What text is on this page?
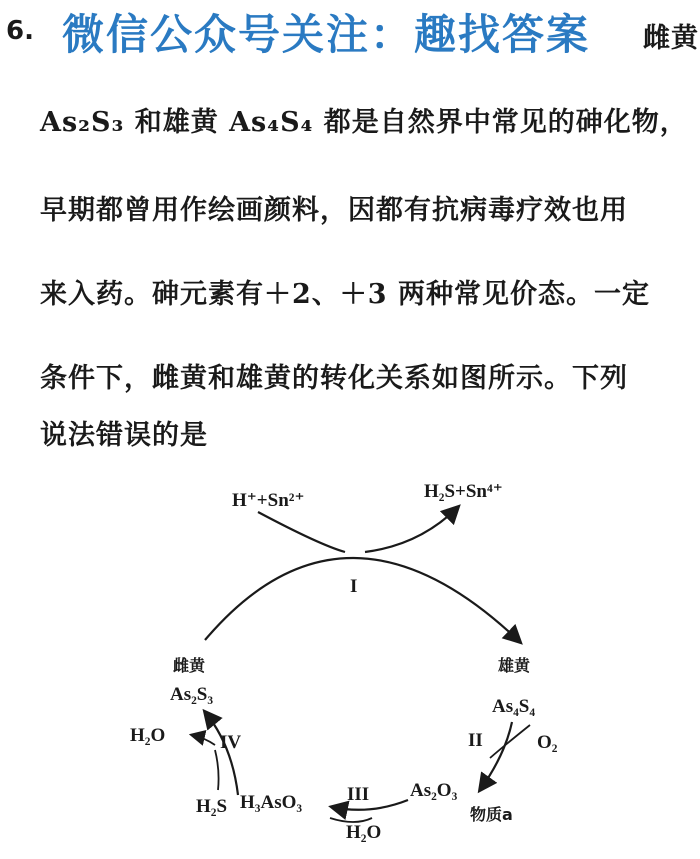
6.	雌黄
微信公众号关注：趣找答案
As₂S₃ 和雄黄 As₄S₄ 都是自然界中常见的砷化物，
早期都曾用作绘画颜料，因都有抗病毒疗效也用
来入药。砷元素有＋2、＋3 两种常见价态。一定
条件下，雌黄和雄黄的转化关系如图所示。下列
说法错误的是
H⁺+Sn²⁺	H₂S+Sn⁴⁺
I
雌黄
As₂S₃
雄黄
As₄S₄
II	O₂
As₂O₃
物质a
III
H₂O
H₃AsO₃
H₂S
H₂O	IV
